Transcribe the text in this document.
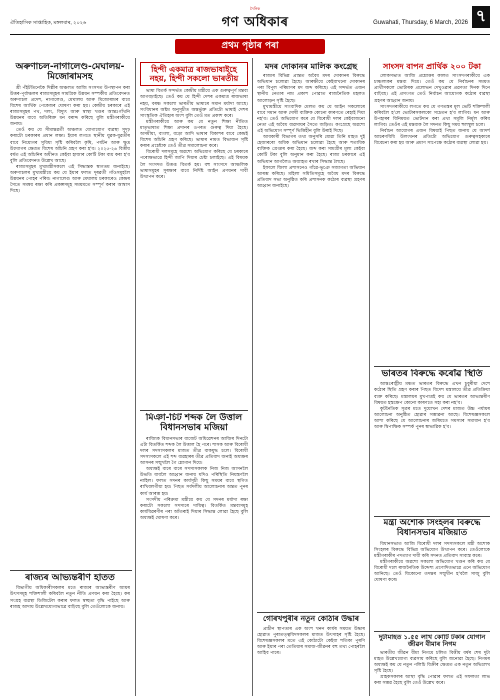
ঐতিহাসিক সাপ্তাহিক, মঙ্গলবাৰ, ২০২৬
দৈনিক
গণ অধিকাৰ	Guwahati, Thursday, 6 March, 2026 ৭
প্ৰথম পৃষ্ঠাৰ পৰা
অৰুণাচল-নাগালেণ্ড-মেঘালয়-মিজোৰামসহ

শ্ৰী পঁইটতিনেকৈ দিল্লীৰ অঞ্চলত আজি সংসদত উপস্থাপন কৰা উত্তৰ-পূৰ্বাঞ্চলৰ ৰাজ্যসমূহৰ সামগ্ৰিক উন্নয়ন সম্পৰ্কীয় প্ৰতিবেদনত অৰুণাচল প্ৰদেশ, নাগালেণ্ড, মেঘালয় আৰু মিজোৰামৰ বাবে বিশেষ আৰ্থিক পেকেজৰ ঘোষণা কৰা হয়। কেন্দ্ৰীয় চৰকাৰে এই ৰাজ্যসমূহৰ পথ, দলং, বিদ্যুৎ আৰু স্বাস্থ্য খণ্ডৰ আন্তঃগাঁথনি উন্নয়নৰ বাবে অতিৰিক্ত ধন বৰাদ্দ কৰিছে বুলি মন্ত্ৰীগৰাকীয়ে জনায়।

তেওঁ কয় যে সীমান্তৱৰ্তী অঞ্চলত যোগাযোগ ব্যৱস্থা সুদৃঢ় কৰাটো চৰকাৰৰ প্ৰধান লক্ষ্য। ইয়াৰ লগতে স্থানীয় যুৱক-যুৱতীৰ বাবে নিয়োগৰ সুবিধা সৃষ্টি কৰিবলৈ কৃষি, পৰ্যটন আৰু ক্ষুদ্ৰ উদ্যোগৰ ক্ষেত্ৰত বিশেষ আঁচনি গ্ৰহণ কৰা হ'ব। ২০২৫-২৬ বিত্তীয় বৰ্ষত এই আঁচনিৰ অধীনত কেইবা হাজাৰ কোটি টকা ব্যয় কৰা হ'ব বুলি প্ৰতিবেদনত উল্লেখ আছে।

ৰাজ্যসমূহৰ মুখ্যমন্ত্ৰীসকলে এই সিদ্ধান্তক স্বাগতম জনাইছে। অৰুণাচলৰ মুখ্যমন্ত্ৰীয়ে কয় যে ইয়াৰ ফলত দূৰৱৰ্তী গাঁওসমূহলৈ উন্নয়নৰ পোহৰ পৰিব। নাগালেণ্ড আৰু মেঘালয় চৰকাৰেও কেন্দ্ৰৰ সৈতে সমন্বয় ৰক্ষা কৰি প্ৰকল্পসমূহ সময়মতে সম্পূৰ্ণ কৰাৰ আশ্বাস দিছে।

ৰাজ্যৰ আভ্যন্তৰীণ হাতত

বিভাগীয় অধিকাৰীসকলৰ মতে ৰাজ্যৰ আভ্যন্তৰীণ আয়ৰ উৎসসমূহ শক্তিশালী কৰিবলৈ নতুন নীতি প্ৰণয়ন কৰা হৈছে। কৰ সংগ্ৰহ ব্যৱস্থা ডিজিটেল কৰাৰ ফলত স্বচ্ছতা বৃদ্ধি পাইছে আৰু ৰাজহ আদায় উল্লেখযোগ্যভাৱে বাঢ়িছে বুলি তেওঁলোকে জনায়।

হিন্দী একমাত্ৰ ৰাজভাষাইহে নহয়, হিন্দী সকলো ভাৰতীয়

ভাষা বিতৰ্ক সন্দৰ্ভত কেন্দ্ৰীয় মন্ত্ৰীয়ে এক গুৰুত্বপূৰ্ণ মন্তব্য আগবঢ়াইছে। তেওঁ কয় যে হিন্দী দেশৰ একমাত্ৰ ৰাজভাষা নহয়, বৰঞ্চ সকলো ভাৰতীয় ভাষাৰে সমান মৰ্যাদা আছে। সংবিধানৰ অষ্টম অনুসূচীত অন্তৰ্ভুক্ত প্ৰতিটো ভাষাই দেশৰ সাংস্কৃতিক ঐতিহ্যৰ অংশ বুলি তেওঁ মত প্ৰকাশ কৰে।

মন্ত্ৰীগৰাকীয়ে আৰু কয় যে নতুন শিক্ষা নীতিত মাতৃভাষাত শিক্ষা প্ৰদানৰ ওপৰত গুৰুত্ব দিয়া হৈছে। অসমীয়া, বাংলা, বড়ো আদি ভাষাৰ বিকাশৰ বাবে কেন্দ্ৰই বিশেষ আঁচনি গ্ৰহণ কৰিছে। ভাষাৰ নামত বিভাজন সৃষ্টি কৰাৰ প্ৰচেষ্টাক তেওঁ তীব্ৰ সমালোচনা কৰে।

বিৰোধী দলসমূহে অৱশ্যে অভিযোগ কৰিছে যে চৰকাৰে পৰোক্ষভাৱে হিন্দী জাপি দিয়াৰ চেষ্টা চলাইছে। এই বিষয়ক লৈ সংসদত উত্তপ্ত বিতৰ্ক হয়। বহু সাংসদে আঞ্চলিক ভাষাসমূহৰ সুৰক্ষাৰ বাবে নিৰ্দিষ্ট আইন প্ৰণয়নৰ দাবী উত্থাপন কৰে।

মিঞা-চিট শব্দক লৈ উত্তাল বিধানসভাৰ মজিয়া

ৰাজ্যিক বিধানসভাৰ বাজেট অধিৱেশনৰ আজিৰ দিনটো এটা বিতৰ্কিত শব্দক লৈ উত্তাল হৈ পৰে। শাসক আৰু বিৰোধী দলৰ সদস্যসকলৰ মাজত তীব্ৰ বাকযুদ্ধ চলে। বিৰোধী সদস্যসকলে এই শব্দ ব্যৱহাৰৰ তীব্ৰ প্ৰতিবাদ জনাই অধ্যক্ষৰ আসনৰ সন্মুখলৈ গৈ শ্লোগান দিয়ে।

অধ্যক্ষই বাৰে বাৰে সদস্যসকলক নিজ নিজ আসনলৈ উভতি যাবলৈ আহ্বান জনায় যদিও পৰিস্থিতি নিয়ন্ত্ৰণলৈ নাহিল। ফলত সদনৰ কাৰ্যসূচী কিছু সময়ৰ বাবে স্থগিত ৰাখিবলগীয়া হয়। পিছত সৰ্বদলীয় আলোচনাৰ অন্তত পুনৰ কাৰ্য আৰম্ভ হয়।

সংসদীয় পৰিক্ৰমা মন্ত্ৰীয়ে কয় যে সদনৰ মৰ্যাদা ৰক্ষা কৰাটো সকলো সদস্যৰে দায়িত্ব। বিতৰ্কিত মন্তব্যসমূহ কাৰ্যবিৱৰণীৰ পৰা আঁতৰাই দিয়াৰ সিদ্ধান্ত লোৱা হৈছে বুলি অধ্যক্ষই ঘোষণা কৰে।

মদৰ দোকানৰ মালিক কংগ্ৰেছ

ৰাজ্যৰ বিভিন্ন প্ৰান্তত অবৈধ মদৰ দোকানৰ বিৰুদ্ধে অভিযান চলোৱা হৈছে। আৰক্ষীয়ে কেইবাখনো দোকানৰ পৰা বিপুল পৰিমাণৰ মদ জব্দ কৰিছে। এই সন্দৰ্ভত এজন স্থানীয় নেতাৰ নাম প্ৰকাশ পোৱাত ৰাজনৈতিক মহলত আলোড়ন সৃষ্টি হৈছে।

মুখ্যমন্ত্ৰীয়ে সাংবাদিক মেলত কয় যে আইন সকলোৰে বাবে সমান আৰু দোষী ব্যক্তিক কোনো কাৰণতে ৰেহাই দিয়া নহ'ব। তেওঁ অভিযোগ কৰে যে বিৰোধী দলৰ কেইবাজনো নেতা এই অবৈধ ব্যৱসায়ৰ সৈতে জড়িত। কংগ্ৰেছে অৱশ্যে এই অভিযোগ সম্পূৰ্ণ ভিত্তিহীন বুলি উৰাই দিছে।

আবকাৰী বিভাগৰ তথ্য অনুসৰি যোৱা তিনি মাহত দুই হেজাৰৰো অধিক অভিযান চলোৱা হৈছে আৰু শতাধিক ব্যক্তিক গ্ৰেপ্তাৰ কৰা হৈছে। জব্দ কৰা সামগ্ৰীৰ মূল্য কেইবা কোটি টকা বুলি অনুমান কৰা হৈছে। ৰাজ্য চৰকাৰে এই অভিযান আগলৈও অব্যাহত ৰখাৰ সিদ্ধান্ত লৈছে।

ইফালে জিলা প্ৰশাসনেও গাঁৱে-ভূঞে সজাগতা অভিযান আৰম্ভ কৰিছে। মহিলা সমিতিসমূহে অবৈধ মদৰ বিৰুদ্ধে প্ৰতিবাদ সভা অনুষ্ঠিত কৰি প্ৰশাসনক কঠোৰ ব্যৱস্থা গ্ৰহণৰ আহ্বান জনাইছে।

গোৰখপুৰীৰ নতুন কোঠাৰ উদ্ধাৰ

প্ৰাচীন স্থাপত্যৰ এক অংশ খনন কাৰ্যৰ সময়ত উদ্ধাৰ হোৱাত পুৰাতত্ত্ববিদসকলৰ মাজত উৎসাহৰ সৃষ্টি হৈছে। বিশেষজ্ঞসকলৰ মতে এই কোঠাটো কেইবা শতিকা পুৰণি আৰু ইয়াৰ পৰা তেতিয়াৰ সমাজ-জীৱনৰ বহু তথ্য পোহৰলৈ আহিব পাৰে।

সাংসদ বাপন প্ৰাৰ্থিক ২০০ টকা

লোকসভাত আজি প্ৰশ্নোত্তৰ কালত সাংসদগৰাকীয়ে এক চাঞ্চল্যকৰ মন্তব্য দিয়ে। তেওঁ কয় যে নিৰ্বাচনৰ সময়ত প্ৰাৰ্থীসকলে ভোটাৰক প্ৰলোভন দেখুওৱাৰ প্ৰৱণতা দিনক দিনে বাঢ়িছে। এই প্ৰসংগত তেওঁ নিৰ্বাচন আয়োগক কঠোৰ ব্যৱস্থা গ্ৰহণৰ আহ্বান জনায়।

সাংসদগৰাকীয়ে লগতে কয় যে গণতন্ত্ৰৰ মূল ভেটি শক্তিশালী কৰিবলৈ হ'লে ভোটাৰসকলকো সচেতন হ'ব লাগিব। ধন আৰু উপহাৰৰ বিনিময়ত ভোটদান কৰা প্ৰথা সমূলি নিৰ্মূল কৰিব লাগিব। তেওঁৰ এই মন্তব্যক লৈ সদনত কিছু সময় হুলস্থুল চলে।

নিৰ্বাচন আয়োগৰ এজন বিষয়াই পিছত জনায় যে আদৰ্শ আচৰণবিধি উলংঘনৰ প্ৰতিটো অভিযোগ গুৰুত্বসহকাৰে বিবেচনা কৰা হয় আৰু প্ৰমাণ সাপেক্ষে কঠোৰ ব্যৱস্থা লোৱা হয়।

ভাৰতৰ বিৰুদ্ধে কৰোঁৱ স্থিতি

আন্তঃৰাষ্ট্ৰীয় মঞ্চত ভাৰতৰ বিৰুদ্ধে এখন চুবুৰীয়া দেশে কঠোৰ স্থিতি গ্ৰহণ কৰাৰ পিছত বিদেশ মন্ত্ৰালয়ে তীব্ৰ প্ৰতিক্ৰিয়া ব্যক্ত কৰিছে। মন্ত্ৰালয়ৰ মুখপাত্ৰই কয় যে ভাৰতৰ আভ্যন্তৰীণ বিষয়ত হস্তক্ষেপ কোনো কাৰণতে সহ্য কৰা নহ'ব।

কূটনৈতিক সূত্ৰৰ মতে দুয়োখন দেশৰ মাজত উচ্চ পৰ্যায়ৰ আলোচনা অনুষ্ঠিত হোৱাৰ সম্ভাৱনা আছে। বিশেষজ্ঞসকলে আশা কৰিছে যে আলোচনাৰ জৰিয়তে সমস্যাৰ সমাধান হ'ব আৰু দ্বিপাক্ষিক সম্পৰ্ক পুনৰ স্বাভাৱিক হ'ব।

মন্ত্ৰী অশোক সিংহলৰ বিৰুদ্ধে বিধানসভাৰ মজিয়াত

বিধানসভাত আজি বিৰোধী দলৰ সদস্যসকলে মন্ত্ৰী অশোক সিংহলৰ বিৰুদ্ধে বিভিন্ন অভিযোগ উত্থাপন কৰে। তেওঁলোকে মন্ত্ৰীগৰাকীৰ পদত্যাগ দাবী কৰি সদনত প্ৰতিবাদ সাব্যস্ত কৰে।

মন্ত্ৰীগৰাকীয়ে অৱশ্যে সকলো অভিযোগ খণ্ডন কৰি কয় যে বিৰোধী দলে ৰাজনৈতিক উদ্দেশ্য প্ৰণোদিতভাৱে এনে অভিযোগ আনিছে। তেওঁ যিকোনো তদন্তৰ সন্মুখীন হ'বলৈ সাজু বুলি ঘোষণা কৰে।

দুটামাহত ১.৫৫ লাখ কোটি টকাৰ যোগান জীৱন বীমাৰ নিগম

ভাৰতীয় জীৱন বীমা নিগমে চলিত বিত্তীয় বৰ্ষৰ শেষ দুটা মাহত উল্লেখযোগ্য ব্যৱসায় কৰিছে বুলি জনোৱা হৈছে। নিগমৰ অধ্যক্ষই কয় যে নতুন পলিচি বিক্ৰীৰ ক্ষেত্ৰত এক নতুন অভিলেখ সৃষ্টি হৈছে।

গ্ৰাহকসকলৰ আস্থা বৃদ্ধি পোৱাৰ ফলত এই সফলতা লাভ কৰা সম্ভৱ হৈছে বুলি তেওঁ উল্লেখ কৰে।
